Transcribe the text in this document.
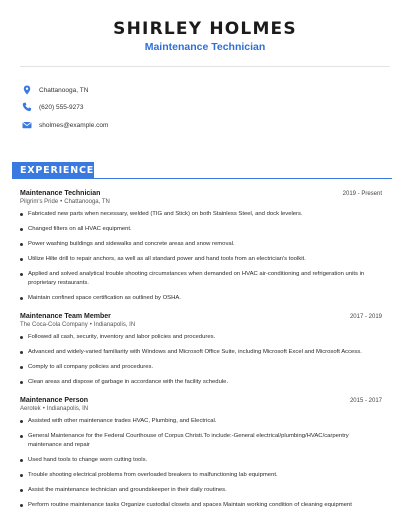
SHIRLEY HOLMES
Maintenance Technician
Chattanooga, TN
(620) 555-9273
sholmes@example.com
EXPERIENCE
Maintenance Technician	2019 - Present
Pilgrim's Pride • Chattanooga, TN
Fabricated new parts when necessary, welded (TIG and Stick) on both Stainless Steel, and dock levelers.
Changed filters on all HVAC equipment.
Power washing buildings and sidewalks and concrete areas and snow removal.
Utilize Hilte drill to repair anchors, as well as all standard power and hand tools from an electrician's toolkit.
Applied and solved analytical trouble shooting circumstances when demanded on HVAC air-conditioning and refrigeration units in proprietary restaurants.
Maintain confined space certification as outlined by OSHA.
Maintenance Team Member	2017 - 2019
The Coca-Cola Company • Indianapolis, IN
Followed all cash, security, inventory and labor policies and procedures.
Advanced and widely-varied familiarity with Windows and Microsoft Office Suite, including Microsoft Excel and Microsoft Access.
Comply to all company policies and procedures.
Clean areas and dispose of garbage in accordance with the facility schedule.
Maintenance Person	2015 - 2017
Aerotek • Indianapolis, IN
Assisted with other maintenance trades HVAC, Plumbing, and Electrical.
General Maintenance for the Federal Courthouse of Corpus Christi.To include:-General electrical/plumbing/HVAC/carpentry maintenance and repair
Used hand tools to change worn cutting tools.
Trouble shooting electrical problems from overloaded breakers to malfunctioning lab equipment.
Assist the maintenance technician and groundskeeper in their daily routines.
Perform routine maintenance tasks Organize custodial closets and spaces Maintain working condition of cleaning equipment
